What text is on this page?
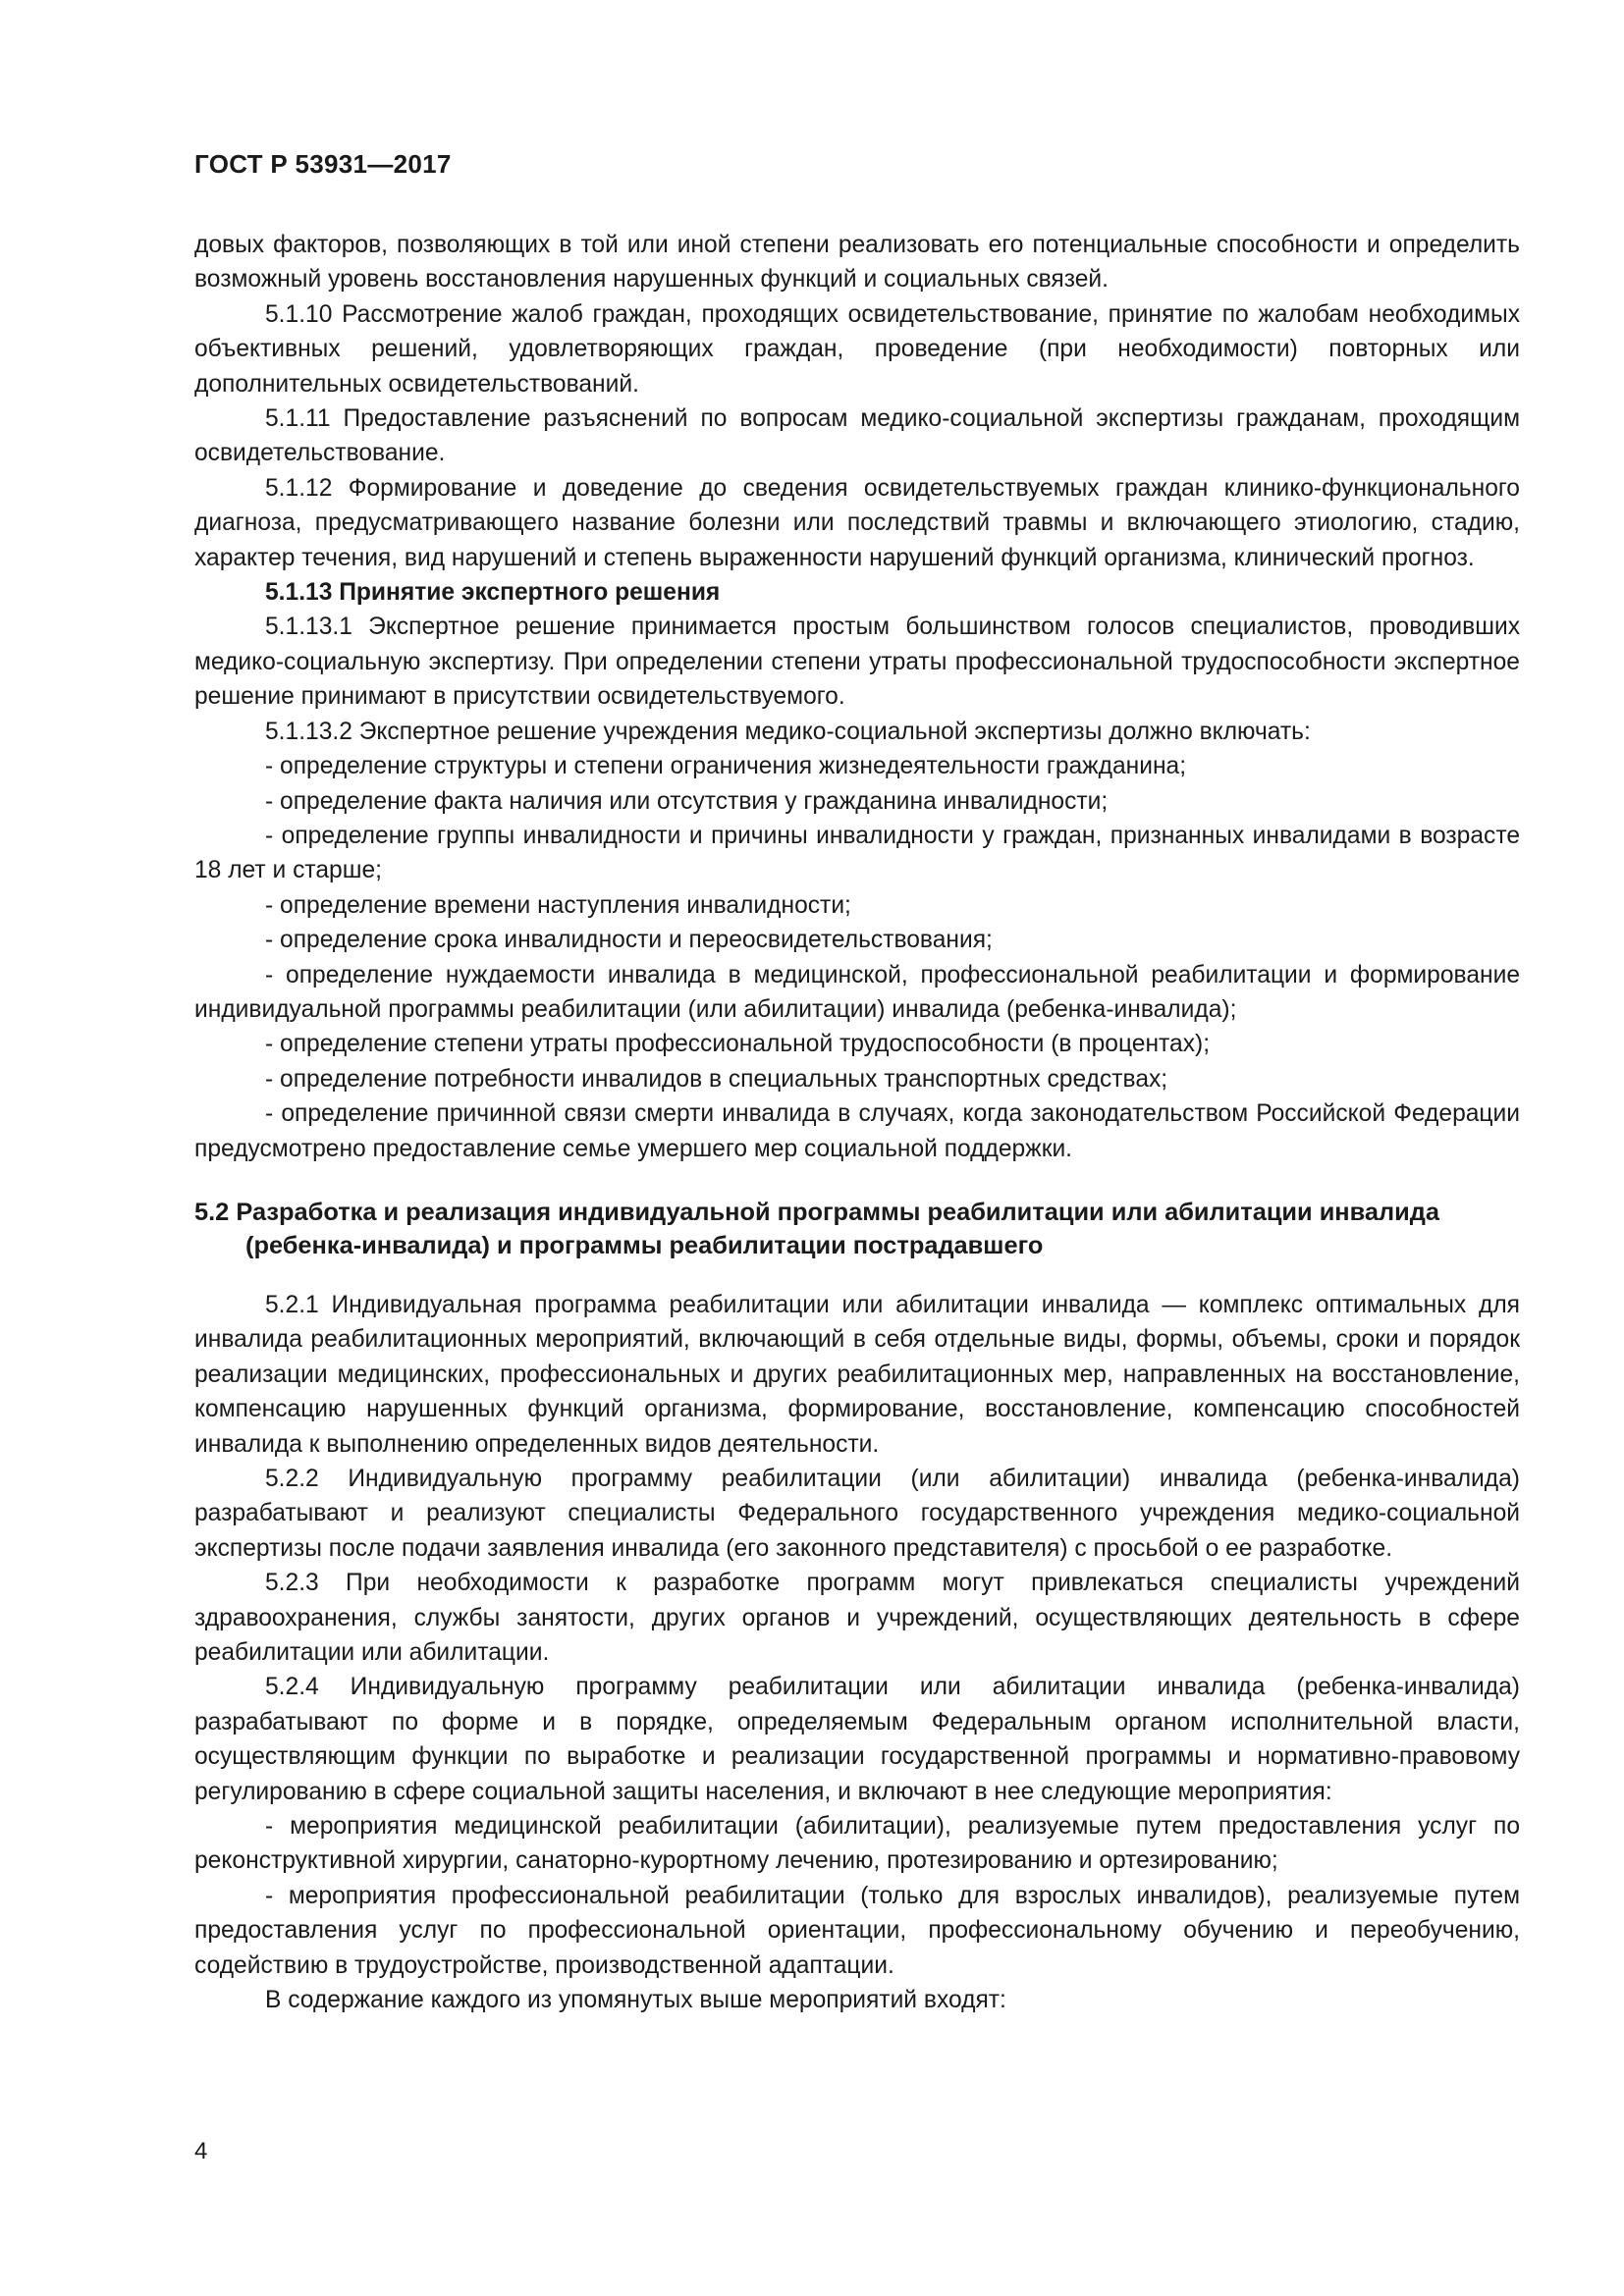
ГОСТ Р 53931—2017

довых факторов, позволяющих в той или иной степени реализовать его потенциальные способности и определить возможный уровень восстановления нарушенных функций и социальных связей.

5.1.10 Рассмотрение жалоб граждан, проходящих освидетельствование, принятие по жалобам необходимых объективных решений, удовлетворяющих граждан, проведение (при необходимости) повторных или дополнительных освидетельствований.

5.1.11 Предоставление разъяснений по вопросам медико-социальной экспертизы гражданам, проходящим освидетельствование.

5.1.12 Формирование и доведение до сведения освидетельствуемых граждан клинико-функционального диагноза, предусматривающего название болезни или последствий травмы и включающего этиологию, стадию, характер течения, вид нарушений и степень выраженности нарушений функций организма, клинический прогноз.

5.1.13 Принятие экспертного решения

5.1.13.1 Экспертное решение принимается простым большинством голосов специалистов, проводивших медико-социальную экспертизу. При определении степени утраты профессиональной трудоспособности экспертное решение принимают в присутствии освидетельствуемого.

5.1.13.2 Экспертное решение учреждения медико-социальной экспертизы должно включать:

- определение структуры и степени ограничения жизнедеятельности гражданина;

- определение факта наличия или отсутствия у гражданина инвалидности;

- определение группы инвалидности и причины инвалидности у граждан, признанных инвалидами в возрасте 18 лет и старше;

- определение времени наступления инвалидности;

- определение срока инвалидности и переосвидетельствования;

- определение нуждаемости инвалида в медицинской, профессиональной реабилитации и формирование индивидуальной программы реабилитации (или абилитации) инвалида (ребенка-инвалида);

- определение степени утраты профессиональной трудоспособности (в процентах);

- определение потребности инвалидов в специальных транспортных средствах;

- определение причинной связи смерти инвалида в случаях, когда законодательством Российской Федерации предусмотрено предоставление семье умершего мер социальной поддержки.

5.2 Разработка и реализация индивидуальной программы реабилитации или абилитации инвалида (ребенка-инвалида) и программы реабилитации пострадавшего

5.2.1 Индивидуальная программа реабилитации или абилитации инвалида — комплекс оптимальных для инвалида реабилитационных мероприятий, включающий в себя отдельные виды, формы, объемы, сроки и порядок реализации медицинских, профессиональных и других реабилитационных мер, направленных на восстановление, компенсацию нарушенных функций организма, формирование, восстановление, компенсацию способностей инвалида к выполнению определенных видов деятельности.

5.2.2 Индивидуальную программу реабилитации (или абилитации) инвалида (ребенка-инвалида) разрабатывают и реализуют специалисты Федерального государственного учреждения медико-социальной экспертизы после подачи заявления инвалида (его законного представителя) с просьбой о ее разработке.

5.2.3 При необходимости к разработке программ могут привлекаться специалисты учреждений здравоохранения, службы занятости, других органов и учреждений, осуществляющих деятельность в сфере реабилитации или абилитации.

5.2.4 Индивидуальную программу реабилитации или абилитации инвалида (ребенка-инвалида) разрабатывают по форме и в порядке, определяемым Федеральным органом исполнительной власти, осуществляющим функции по выработке и реализации государственной программы и нормативно-правовому регулированию в сфере социальной защиты населения, и включают в нее следующие мероприятия:

- мероприятия медицинской реабилитации (абилитации), реализуемые путем предоставления услуг по реконструктивной хирургии, санаторно-курортному лечению, протезированию и ортезированию;

- мероприятия профессиональной реабилитации (только для взрослых инвалидов), реализуемые путем предоставления услуг по профессиональной ориентации, профессиональному обучению и переобучению, содействию в трудоустройстве, производственной адаптации.

В содержание каждого из упомянутых выше мероприятий входят:

4
